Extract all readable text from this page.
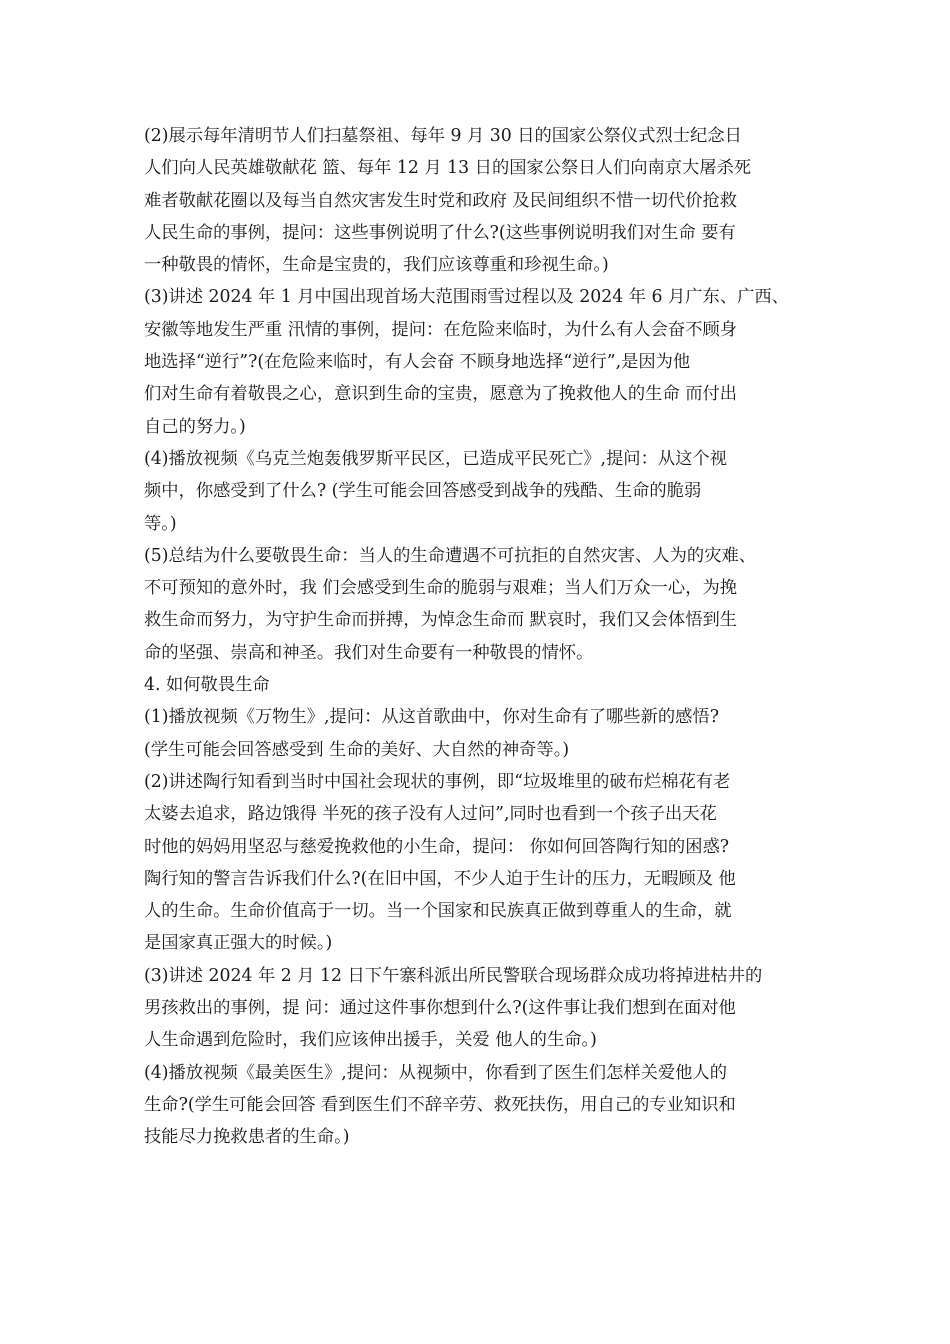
(2)展示每年清明节人们扫墓祭祖、每年 9 月 30 日的国家公祭仪式烈士纪念日
人们向人民英雄敬献花 篮、每年 12 月 13 日的国家公祭日人们向南京大屠杀死
难者敬献花圈以及每当自然灾害发生时党和政府 及民间组织不惜一切代价抢救
人民生命的事例，提问：这些事例说明了什么?(这些事例说明我们对生命 要有
一种敬畏的情怀，生命是宝贵的，我们应该尊重和珍视生命。)
(3)讲述 2024 年 1 月中国出现首场大范围雨雪过程以及 2024 年 6 月广东、广西、
安徽等地发生严重 汛情的事例，提问：在危险来临时，为什么有人会奋不顾身
地选择“逆行”?(在危险来临时，有人会奋 不顾身地选择“逆行”,是因为他
们对生命有着敬畏之心，意识到生命的宝贵，愿意为了挽救他人的生命 而付出
自己的努力。)
(4)播放视频《乌克兰炮轰俄罗斯平民区，已造成平民死亡》,提问：从这个视
频中，你感受到了什么? (学生可能会回答感受到战争的残酷、生命的脆弱
等。)
(5)总结为什么要敬畏生命：当人的生命遭遇不可抗拒的自然灾害、人为的灾难、
不可预知的意外时，我 们会感受到生命的脆弱与艰难；当人们万众一心，为挽
救生命而努力，为守护生命而拼搏，为悼念生命而 默哀时，我们又会体悟到生
命的坚强、崇高和神圣。我们对生命要有一种敬畏的情怀。
4. 如何敬畏生命
(1)播放视频《万物生》,提问：从这首歌曲中，你对生命有了哪些新的感悟?
(学生可能会回答感受到 生命的美好、大自然的神奇等。)
(2)讲述陶行知看到当时中国社会现状的事例，即“垃圾堆里的破布烂棉花有老
太婆去追求，路边饿得 半死的孩子没有人过问”,同时也看到一个孩子出天花
时他的妈妈用坚忍与慈爱挽救他的小生命，提问： 你如何回答陶行知的困惑?
陶行知的警言告诉我们什么?(在旧中国，不少人迫于生计的压力，无暇顾及 他
人的生命。生命价值高于一切。当一个国家和民族真正做到尊重人的生命，就
是国家真正强大的时候。)
(3)讲述 2024 年 2 月 12 日下午寨科派出所民警联合现场群众成功将掉进枯井的
男孩救出的事例，提 问：通过这件事你想到什么?(这件事让我们想到在面对他
人生命遇到危险时，我们应该伸出援手，关爱 他人的生命。)
(4)播放视频《最美医生》,提问：从视频中，你看到了医生们怎样关爱他人的
生命?(学生可能会回答 看到医生们不辞辛劳、救死扶伤，用自己的专业知识和
技能尽力挽救患者的生命。)
